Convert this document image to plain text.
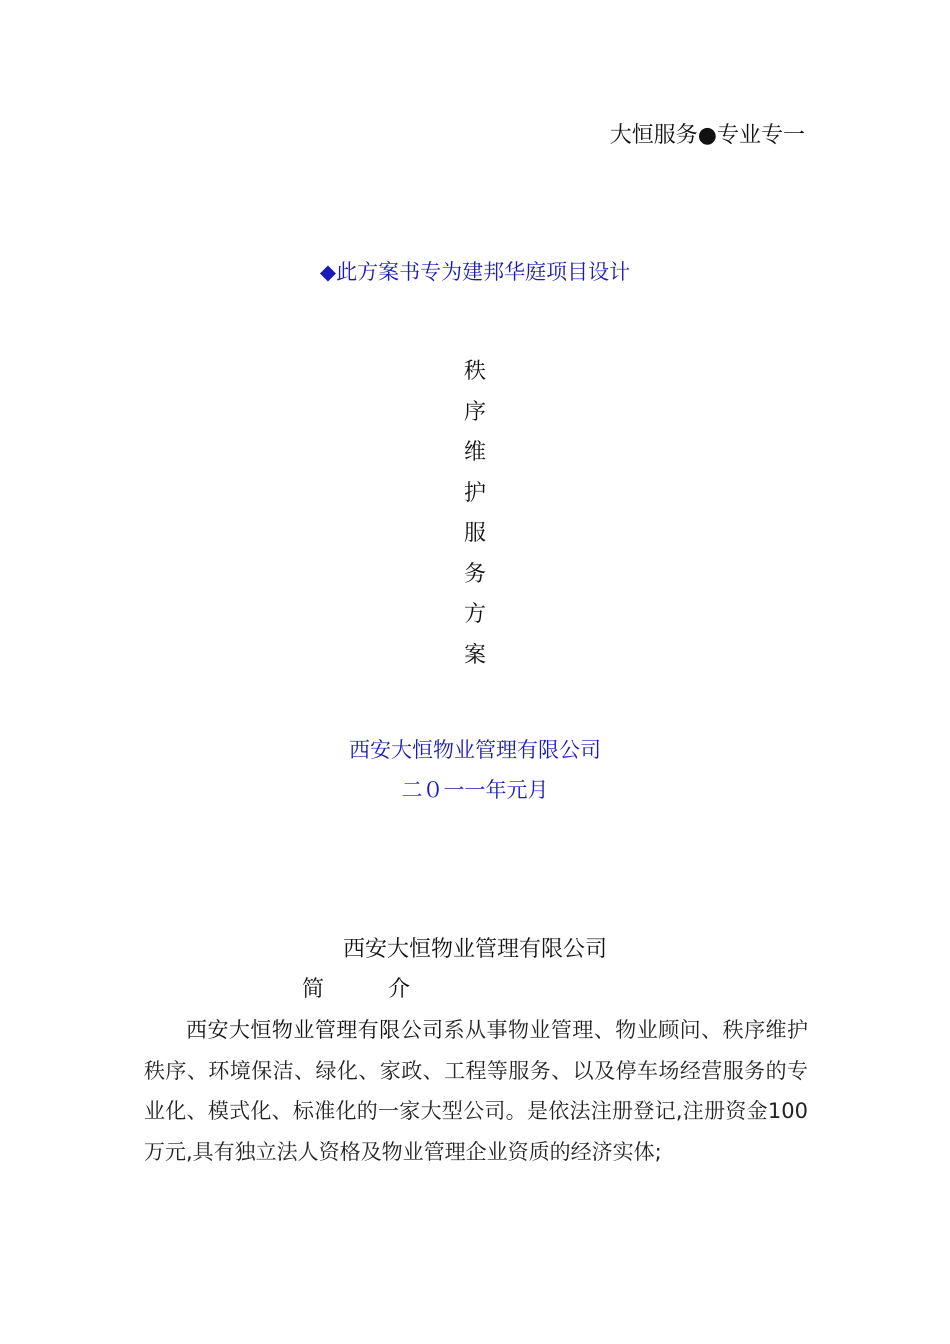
大恒服务●专业专一
◆此方案书专为建邦华庭项目设计
秩
序
维
护
服
务
方
案
西安大恒物业管理有限公司
二０一一年元月
西安大恒物业管理有限公司
简	介
西安大恒物业管理有限公司系从事物业管理、物业顾问、秩序维护秩序、环境保洁、绿化、家政、工程等服务、以及停车场经营服务的专业化、模式化、标准化的一家大型公司。是依法注册登记,注册资金100万元,具有独立法人资格及物业管理企业资质的经济实体;
